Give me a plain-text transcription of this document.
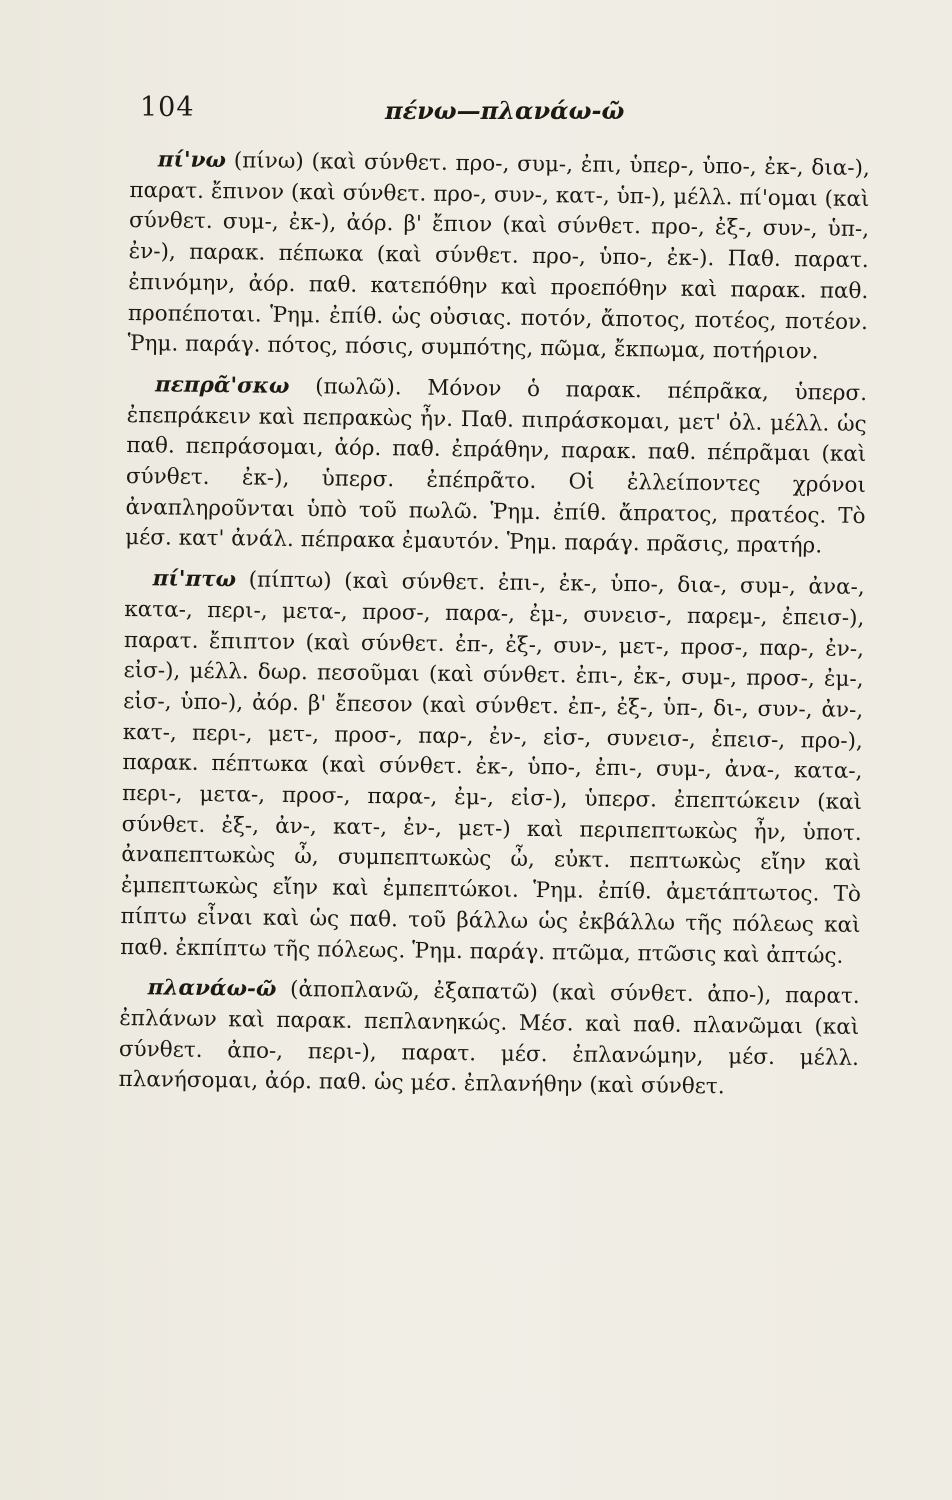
104	πένω—πλανάω-ῶ

πί'νω (πίνω) (καὶ σύνθετ. προ-, συμ-, ἐπι, ὑπερ-, ὑπο-, ἐκ-, δια-), παρατ. ἔπινον (καὶ σύνθετ. προ-, συν-, κατ-, ὑπ-), μέλλ. πί'ομαι (καὶ σύνθετ. συμ-, ἐκ-), ἀόρ. β' ἔπιον (καὶ σύνθετ. προ-, ἐξ-, συν-, ὑπ-, ἐν-), παρακ. πέπωκα (καὶ σύνθετ. προ-, ὑπο-, ἐκ-). Παθ. παρατ. ἐπινόμην, ἀόρ. παθ. κατεπόθην καὶ προεπόθην καὶ παρακ. παθ. προπέποται. Ῥημ. ἐπίθ. ὡς οὐσιας. ποτόν, ἄποτος, ποτέος, ποτέον. Ῥημ. παράγ. πότος, πόσις, συμπότης, πῶμα, ἔκπωμα, ποτήριον.

πεπρᾶ'σκω (πωλῶ). Μόνον ὁ παρακ. πέπρᾶκα, ὑπερσ. ἐπεπράκειν καὶ πεπρακὼς ἦν. Παθ. πιπράσκομαι, μετ' ὀλ. μέλλ. ὡς παθ. πεπράσομαι, ἀόρ. παθ. ἐπράθην, παρακ. παθ. πέπρᾶμαι (καὶ σύνθετ. ἐκ-), ὑπερσ. ἐπέπρᾶτο. Οἱ ἐλλείποντες χρόνοι ἀναπληροῦνται ὑπὸ τοῦ πωλῶ. Ῥημ. ἐπίθ. ἄπρατος, πρατέος. Τὸ μέσ. κατ' ἀνάλ. πέπρακα ἐμαυτόν. Ῥημ. παράγ. πρᾶσις, πρατήρ.

πί'πτω (πίπτω) (καὶ σύνθετ. ἐπι-, ἐκ-, ὑπο-, δια-, συμ-, ἀνα-, κατα-, περι-, μετα-, προσ-, παρα-, ἐμ-, συνεισ-, παρεμ-, ἐπεισ-), παρατ. ἔπιπτον (καὶ σύνθετ. ἐπ-, ἐξ-, συν-, μετ-, προσ-, παρ-, ἐν-, εἰσ-), μέλλ. δωρ. πεσοῦμαι (καὶ σύνθετ. ἐπι-, ἐκ-, συμ-, προσ-, ἐμ-, εἰσ-, ὑπο-), ἀόρ. β' ἔπεσον (καὶ σύνθετ. ἐπ-, ἐξ-, ὑπ-, δι-, συν-, ἀν-, κατ-, περι-, μετ-, προσ-, παρ-, ἐν-, εἰσ-, συνεισ-, ἐπεισ-, προ-), παρακ. πέπτωκα (καὶ σύνθετ. ἐκ-, ὑπο-, ἐπι-, συμ-, ἀνα-, κατα-, περι-, μετα-, προσ-, παρα-, ἐμ-, εἰσ-), ὑπερσ. ἐπεπτώκειν (καὶ σύνθετ. ἐξ-, ἀν-, κατ-, ἐν-, μετ-) καὶ περιπεπτωκὼς ἦν, ὑποτ. ἀναπεπτωκὼς ὦ, συμπεπτωκὼς ὦ, εὐκτ. πεπτωκὼς εἴην καὶ ἐμπεπτωκὼς εἴην καὶ ἐμπεπτώκοι. Ῥημ. ἐπίθ. ἀμετάπτωτος. Τὸ πίπτω εἶναι καὶ ὡς παθ. τοῦ βάλλω ὡς ἐκβάλλω τῆς πόλεως καὶ παθ. ἐκπίπτω τῆς πόλεως. Ῥημ. παράγ. πτῶμα, πτῶσις καὶ ἀπτώς.

πλανάω-ῶ (ἀποπλανῶ, ἐξαπατῶ) (καὶ σύνθετ. ἀπο-), παρατ. ἐπλάνων καὶ παρακ. πεπλανηκώς. Μέσ. καὶ παθ. πλανῶμαι (καὶ σύνθετ. ἀπο-, περι-), παρατ. μέσ. ἐπλανώμην, μέσ. μέλλ. πλανήσομαι, ἀόρ. παθ. ὡς μέσ. ἐπλανήθην (καὶ σύνθετ.
